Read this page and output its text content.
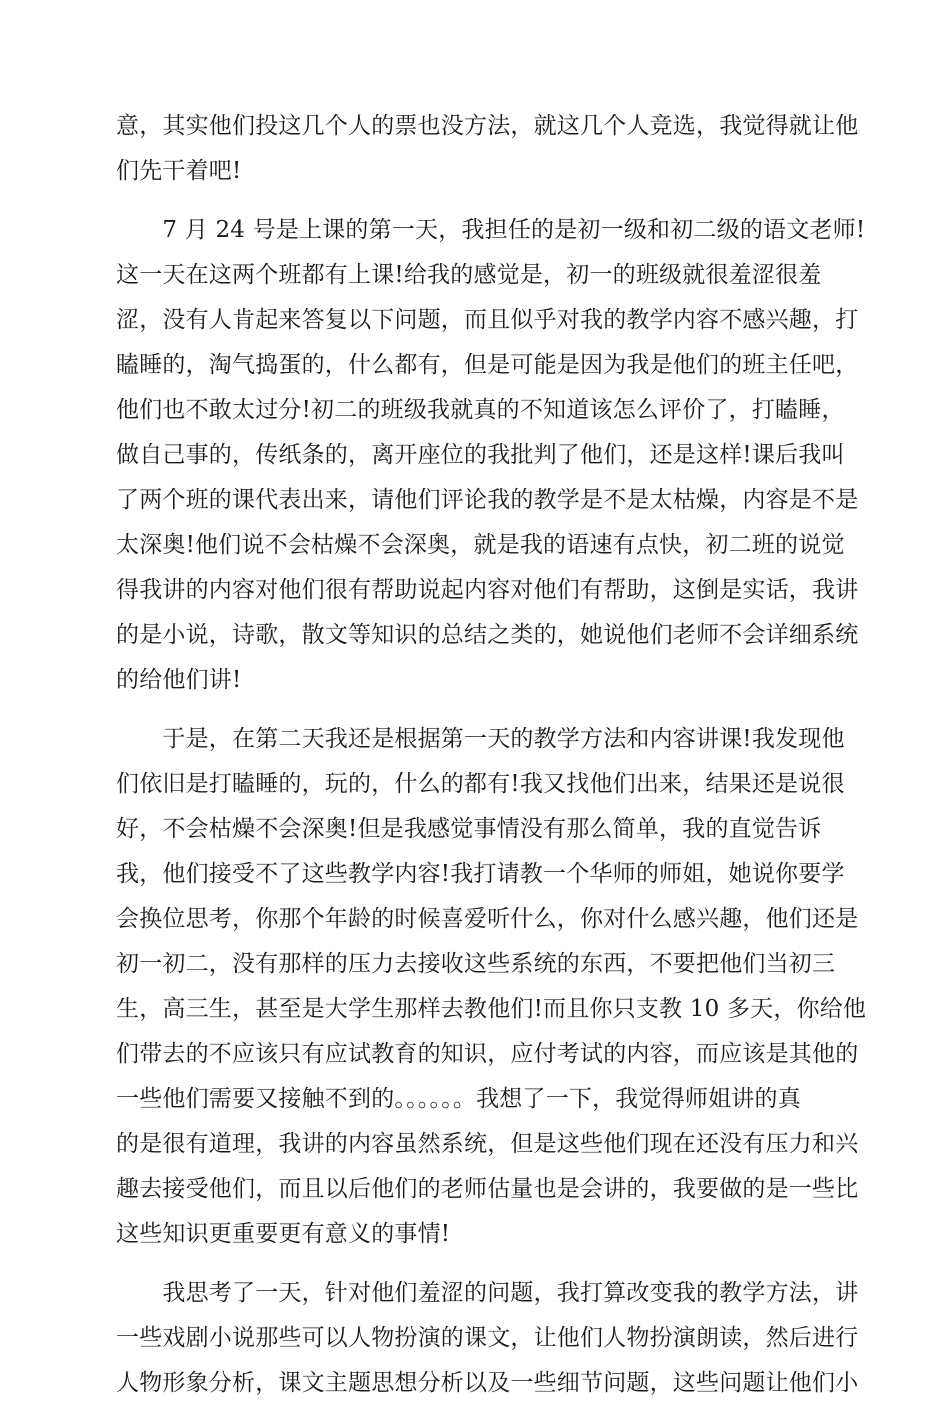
意，其实他们投这几个人的票也没方法，就这几个人竞选，我觉得就让他
们先干着吧!
　　7 月 24 号是上课的第一天，我担任的是初一级和初二级的语文老师!
这一天在这两个班都有上课!给我的感觉是，初一的班级就很羞涩很羞
涩，没有人肯起来答复以下问题，而且似乎对我的教学内容不感兴趣，打
瞌睡的，淘气捣蛋的，什么都有，但是可能是因为我是他们的班主任吧，
他们也不敢太过分!初二的班级我就真的不知道该怎么评价了，打瞌睡，
做自己事的，传纸条的，离开座位的我批判了他们，还是这样!课后我叫
了两个班的课代表出来，请他们评论我的教学是不是太枯燥，内容是不是
太深奥!他们说不会枯燥不会深奥，就是我的语速有点快，初二班的说觉
得我讲的内容对他们很有帮助说起内容对他们有帮助，这倒是实话，我讲
的是小说，诗歌，散文等知识的总结之类的，她说他们老师不会详细系统
的给他们讲!
　　于是，在第二天我还是根据第一天的教学方法和内容讲课!我发现他
们依旧是打瞌睡的，玩的，什么的都有!我又找他们出来，结果还是说很
好，不会枯燥不会深奥!但是我感觉事情没有那么简单，我的直觉告诉
我，他们接受不了这些教学内容!我打请教一个华师的师姐，她说你要学
会换位思考，你那个年龄的时候喜爱听什么，你对什么感兴趣，他们还是
初一初二，没有那样的压力去接收这些系统的东西，不要把他们当初三
生，高三生，甚至是大学生那样去教他们!而且你只支教 10 多天，你给他
们带去的不应该只有应试教育的知识，应付考试的内容，而应该是其他的
一些他们需要又接触不到的。。。。。。我想了一下，我觉得师姐讲的真
的是很有道理，我讲的内容虽然系统，但是这些他们现在还没有压力和兴
趣去接受他们，而且以后他们的老师估量也是会讲的，我要做的是一些比
这些知识更重要更有意义的事情!
　　我思考了一天，针对他们羞涩的问题，我打算改变我的教学方法，讲
一些戏剧小说那些可以人物扮演的课文，让他们人物扮演朗读，然后进行
人物形象分析，课文主题思想分析以及一些细节问题，这些问题让他们小
